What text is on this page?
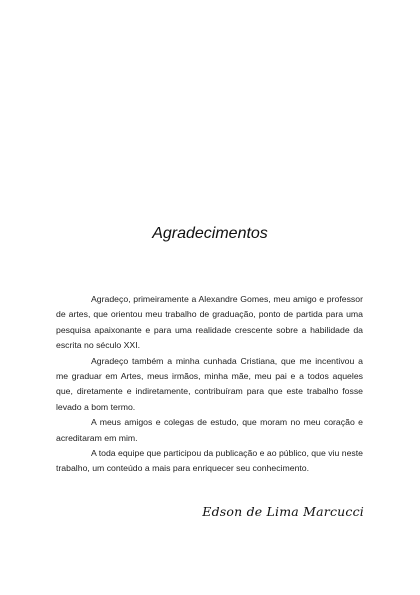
Agradecimentos

Agradeço, primeiramente a Alexandre Gomes, meu amigo e professor de artes, que orientou meu trabalho de graduação, ponto de partida para uma pesquisa apaixonante e para uma realidade crescente sobre a habilidade da escrita no século XXI.

Agradeço também a minha cunhada Cristiana, que me incentivou a me graduar em Artes, meus irmãos, minha mãe, meu pai e a todos aqueles que, diretamente e indiretamente, contribuíram para que este trabalho fosse levado a bom termo.

A meus amigos e colegas de estudo, que moram no meu coração e acreditaram em mim.

A toda equipe que participou da publicação e ao público, que viu neste trabalho, um conteúdo a mais para enriquecer seu conhecimento.

Edson de Lima Marcucci
